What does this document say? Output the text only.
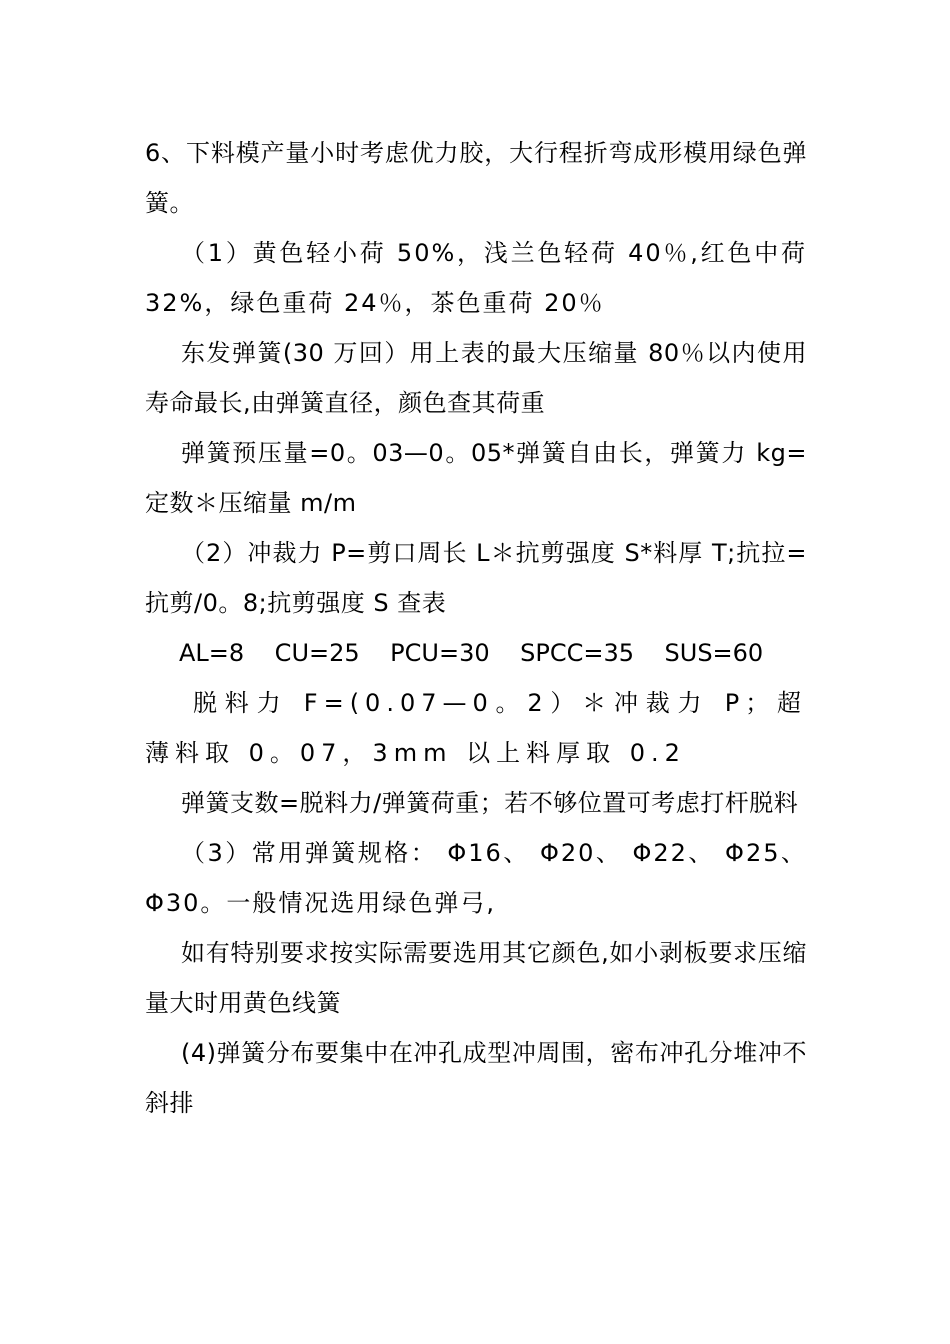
6、下料模产量小时考虑优力胶，大行程折弯成形模用绿色弹簧。

（1）黄色轻小荷 50%，浅兰色轻荷 40％,红色中荷 32%，绿色重荷 24％，茶色重荷 20％

东发弹簧(30 万回）用上表的最大压缩量 80％以内使用寿命最长,由弹簧直径，颜色查其荷重

弹簧预压量=0。03—0。05*弹簧自由长，弹簧力 kg=定数＊压缩量 m/m

（2）冲裁力 P=剪口周长 L＊抗剪强度 S*料厚 T;抗拉=抗剪/0。8;抗剪强度 S 查表

AL=8    CU=25    PCU=30    SPCC=35    SUS=60

脱料力 F=(0.07—0。2）＊冲裁力 P；超薄料取 0。07，3mm 以上料厚取 0.2

弹簧支数=脱料力/弹簧荷重；若不够位置可考虑打杆脱料

（3）常用弹簧规格： Φ16、 Φ20、 Φ22、 Φ25、 Φ30。一般情况选用绿色弹弓,

如有特别要求按实际需要选用其它颜色,如小剥板要求压缩量大时用黄色线簧

(4)弹簧分布要集中在冲孔成型冲周围，密布冲孔分堆冲不斜排
